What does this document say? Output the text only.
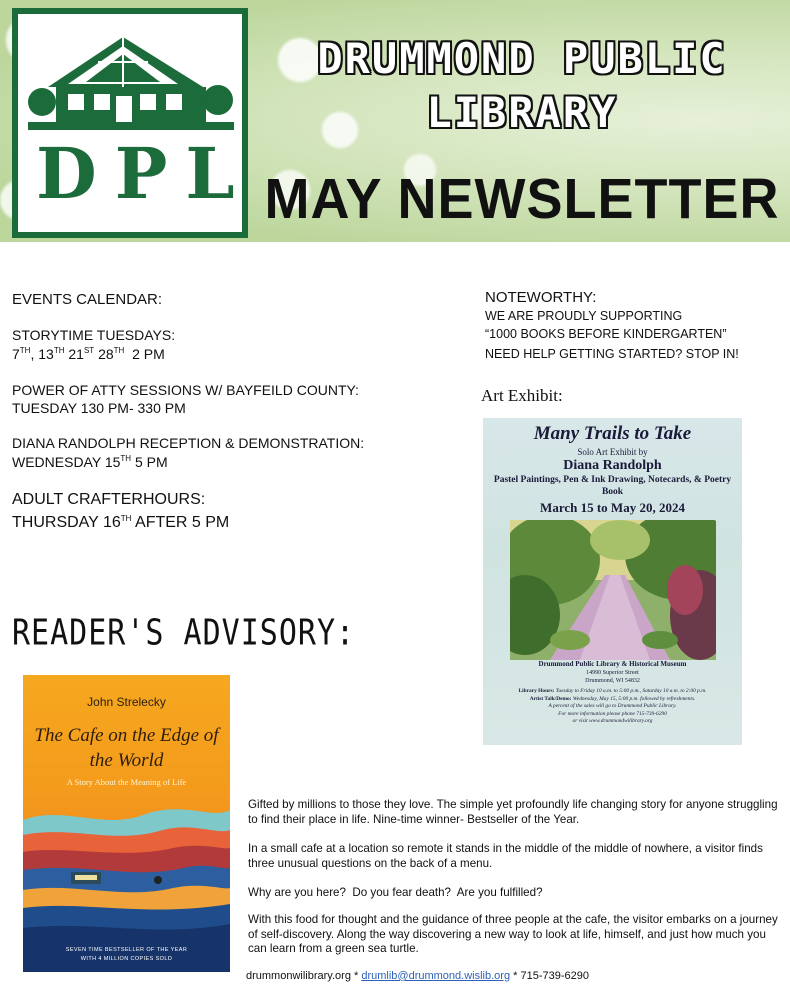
DPL
DRUMMOND PUBLIC
LIBRARY
MAY NEWSLETTER
EVENTS CALENDAR:
STORYTIME TUESDAYS:
7TH, 13TH 21ST 28TH  2 PM
POWER OF ATTY SESSIONS W/ BAYFEILD COUNTY:
TUESDAY 130 PM- 330 PM
DIANA RANDOLPH RECEPTION & DEMONSTRATION:
WEDNESDAY 15TH 5 PM
ADULT CRAFTERHOURS:
THURSDAY 16TH AFTER 5 PM
NOTEWORTHY:
WE ARE PROUDLY SUPPORTING
“1000 BOOKS BEFORE KINDERGARTEN”
NEED HELP GETTING STARTED? STOP IN!
Art Exhibit:
Many Trails to Take
Solo Art Exhibit by
Diana Randolph
Pastel Paintings, Pen & Ink Drawing, Notecards, & Poetry Book
March 15 to May 20, 2024
Drummond Public Library & Historical Museum
14990 Superior Street
Drummond, WI 54832
Library Hours: Tuesday to Friday 10 a.m. to 5:00 p.m., Saturday 10 a.m. to 2:00 p.m.
Artist Talk/Demo: Wednesday, May 15, 5:00 p.m. followed by refreshments.
A percent of the sales will go to Drummond Public Library.
For more information please phone 715-739-6290
or visit www.drummondwilibrary.org
READER'S ADVISORY:
John Strelecky
The Cafe on the Edge of the World
A Story About the Meaning of Life
SEVEN TIME BESTSELLER OF THE YEAR
WITH 4 MILLION COPIES SOLD
Gifted by millions to those they love. The simple yet profoundly life changing story for anyone struggling to find their place in life. Nine-time winner- Bestseller of the Year.
In a small cafe at a location so remote it stands in the middle of the middle of nowhere, a visitor finds three unusual questions on the back of a menu.
Why are you here?  Do you fear death?  Are you fulfilled?
With this food for thought and the guidance of three people at the cafe, the visitor embarks on a journey of self-discovery. Along the way discovering a new way to look at life, himself, and just how much you can learn from a green sea turtle.
drummonwilibrary.org * drumlib@drummond.wislib.org * 715-739-6290
